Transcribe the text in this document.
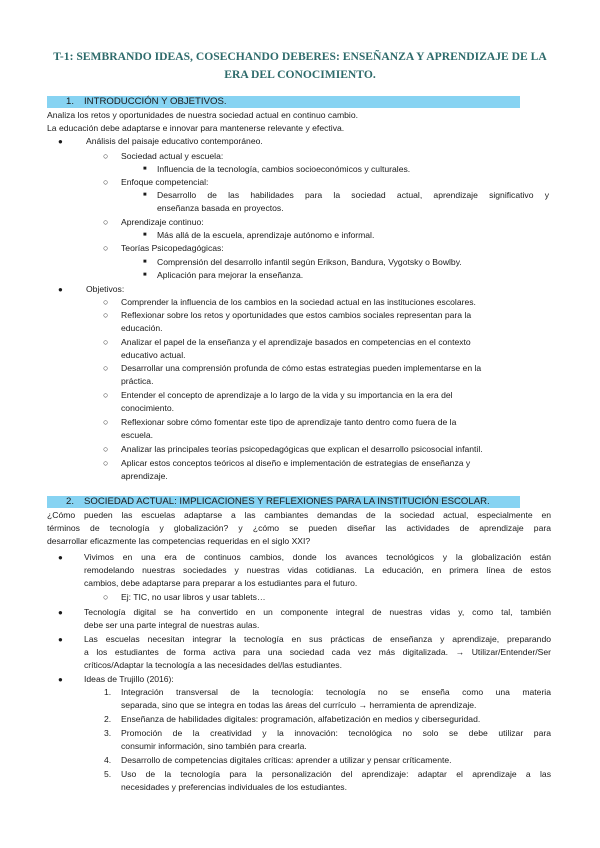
T-1: SEMBRANDO IDEAS, COSECHANDO DEBERES: ENSEÑANZA Y APRENDIZAJE DE LA
ERA DEL CONOCIMIENTO.
1. INTRODUCCIÓN Y OBJETIVOS.
Analiza los retos y oportunidades de nuestra sociedad actual en continuo cambio.
La educación debe adaptarse e innovar para mantenerse relevante y efectiva.
●	Análisis del paisaje educativo contemporáneo.
○ Sociedad actual y escuela:
■ Influencia de la tecnología, cambios socioeconómicos y culturales.
○ Enfoque competencial:
■ Desarrollo de las habilidades para la sociedad actual, aprendizaje significativo y
enseñanza basada en proyectos.
○ Aprendizaje continuo:
■ Más allá de la escuela, aprendizaje autónomo e informal.
○ Teorías Psicopedagógicas:
■ Comprensión del desarrollo infantil según Erikson, Bandura, Vygotsky o Bowlby.
■ Aplicación para mejorar la enseñanza.
●	Objetivos:
○ Comprender la influencia de los cambios en la sociedad actual en las instituciones escolares.
○ Reflexionar sobre los retos y oportunidades que estos cambios sociales representan para la
educación.
○ Analizar el papel de la enseñanza y el aprendizaje basados en competencias en el contexto
educativo actual.
○ Desarrollar una comprensión profunda de cómo estas estrategias pueden implementarse en la
práctica.
○ Entender el concepto de aprendizaje a lo largo de la vida y su importancia en la era del
conocimiento.
○ Reflexionar sobre cómo fomentar este tipo de aprendizaje tanto dentro como fuera de la
escuela.
○ Analizar las principales teorías psicopedagógicas que explican el desarrollo psicosocial infantil.
○ Aplicar estos conceptos teóricos al diseño e implementación de estrategias de enseñanza y
aprendizaje.
2. SOCIEDAD ACTUAL: IMPLICACIONES Y REFLEXIONES PARA LA INSTITUCIÓN ESCOLAR.
¿Cómo pueden las escuelas adaptarse a las cambiantes demandas de la sociedad actual, especialmente en
términos de tecnología y globalización? y ¿cómo se pueden diseñar las actividades de aprendizaje para
desarrollar eficazmente las competencias requeridas en el siglo XXI?
● Vivimos en una era de continuos cambios, donde los avances tecnológicos y la globalización están
remodelando nuestras sociedades y nuestras vidas cotidianas. La educación, en primera línea de estos
cambios, debe adaptarse para preparar a los estudiantes para el futuro.
○ Ej: TIC, no usar libros y usar tablets…
● Tecnología digital se ha convertido en un componente integral de nuestras vidas y, como tal, también
debe ser una parte integral de nuestras aulas.
● Las escuelas necesitan integrar la tecnología en sus prácticas de enseñanza y aprendizaje, preparando
a los estudiantes de forma activa para una sociedad cada vez más digitalizada. → Utilizar/Entender/Ser
críticos/Adaptar la tecnología a las necesidades del/las estudiantes.
● Ideas de Trujillo (2016):
1. Integración transversal de la tecnología: tecnología no se enseña como una materia
separada, sino que se integra en todas las áreas del currículo → herramienta de aprendizaje.
2. Enseñanza de habilidades digitales: programación, alfabetización en medios y ciberseguridad.
3. Promoción de la creatividad y la innovación: tecnológica no solo se debe utilizar para
consumir información, sino también para crearla.
4. Desarrollo de competencias digitales críticas: aprender a utilizar y pensar críticamente.
5. Uso de la tecnología para la personalización del aprendizaje: adaptar el aprendizaje a las
necesidades y preferencias individuales de los estudiantes.
